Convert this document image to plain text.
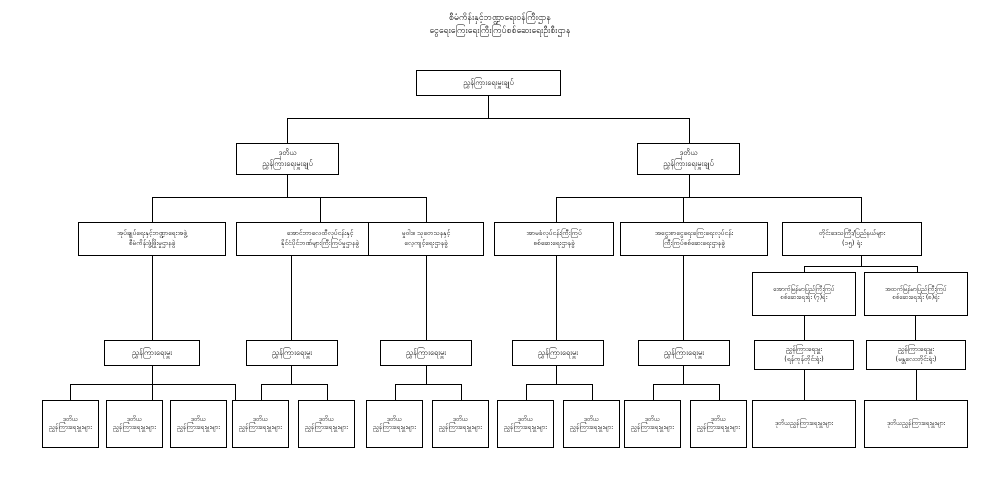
စီမံကိန်းနှင့်ဘဏ္ဍာရေးဝန်ကြီးဌာန
ငွေရေးကြေးရေးကြီးကြပ်စစ်ဆေးရေးဦးစီးဌာန
ညွှန်ကြားရေးမှူးချုပ်
ဒုတိယ
ညွှန်ကြားရေးမှူးချုပ်
ဒုတိယ
ညွှန်ကြားရေးမှူးချုပ်
အုပ်ချုပ်ရေးနှင့်ဘဏ္ဍာရေးအဖွဲ့
စီမံကိန်းဖွံ့ဖြိုးမှုဌာနခွဲ
အောင်ဘာလေထီလုပ်ငန်းနှင့်
နိုင်ငံပိုင်ဘဏ်များကြီးကြပ်မှုဌာနခွဲ
မှုဝါဒ၊ သုတေသနနှင့်
လေ့ကျင့်ရေးဌာနခွဲ
အာမခံလုပ်ငန်းကြီးကြပ်
စစ်ဆေးရေးဌာနခွဲ
အငွေးစာငွေရေးကြေးရေးလုပ်ငန်း
ကြီးကြပ်စစ်ဆေးရေးဌာနခွဲ
တိုင်းဒေသကြီး/ပြည်နယ်များ
(၁၅) ရုံး
အောက်မြန်မာပြည်ကြီးကြပ်
စစ်ဆေးရေးရုံး (၇)ရုံး
အထက်မြန်မာပြည်ကြီးကြပ်
စစ်ဆေးရေးရုံး (၈)ရုံး
ညွှန်ကြားရေးမှူး	ညွှန်ကြားရေးမှူး	ညွှန်ကြားရေးမှူး	ညွှန်ကြားရေးမှူး	ညွှန်ကြားရေးမှူး	ညွှန်ကြားရေးမှူး
(ရန်ကုန်တိုင်းရုံး)
ညွှန်ကြားရေးမှူး
(မန္တလေးတိုင်းရုံး)
ဒုတိယ
ညွှန်ကြားရေးမှူးများ
ဒုတိယ
ညွှန်ကြားရေးမှူးများ
ဒုတိယ
ညွှန်ကြားရေးမှူးများ
ဒုတိယ
ညွှန်ကြားရေးမှူးများ
ဒုတိယ
ညွှန်ကြားရေးမှူးများ
ဒုတိယ
ညွှန်ကြားရေးမှူးများ
ဒုတိယ
ညွှန်ကြားရေးမှူးများ
ဒုတိယ
ညွှန်ကြားရေးမှူးများ
ဒုတိယ
ညွှန်ကြားရေးမှူးများ
ဒုတိယ
ညွှန်ကြားရေးမှူးများ
ဒုတိယ
ညွှန်ကြားရေးမှူးများ
ဒုတိယညွှန်ကြားရေးမှူးများ	ဒုတိယညွှန်ကြားရေးမှူးများ
